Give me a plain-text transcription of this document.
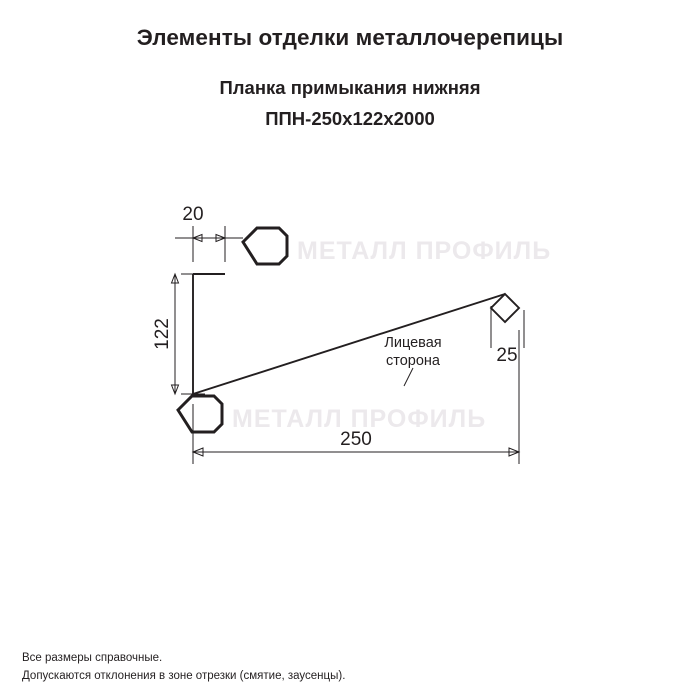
Элементы отделки металлочерепицы

Планка примыкания нижняя

ППН-250х122х2000

МЕТАЛЛ ПРОФИЛЬ
МЕТАЛЛ ПРОФИЛЬ
20
122
25
250
Лицевая
сторона
Все размеры справочные.
Допускаются отклонения в зоне отрезки (смятие, заусенцы).
